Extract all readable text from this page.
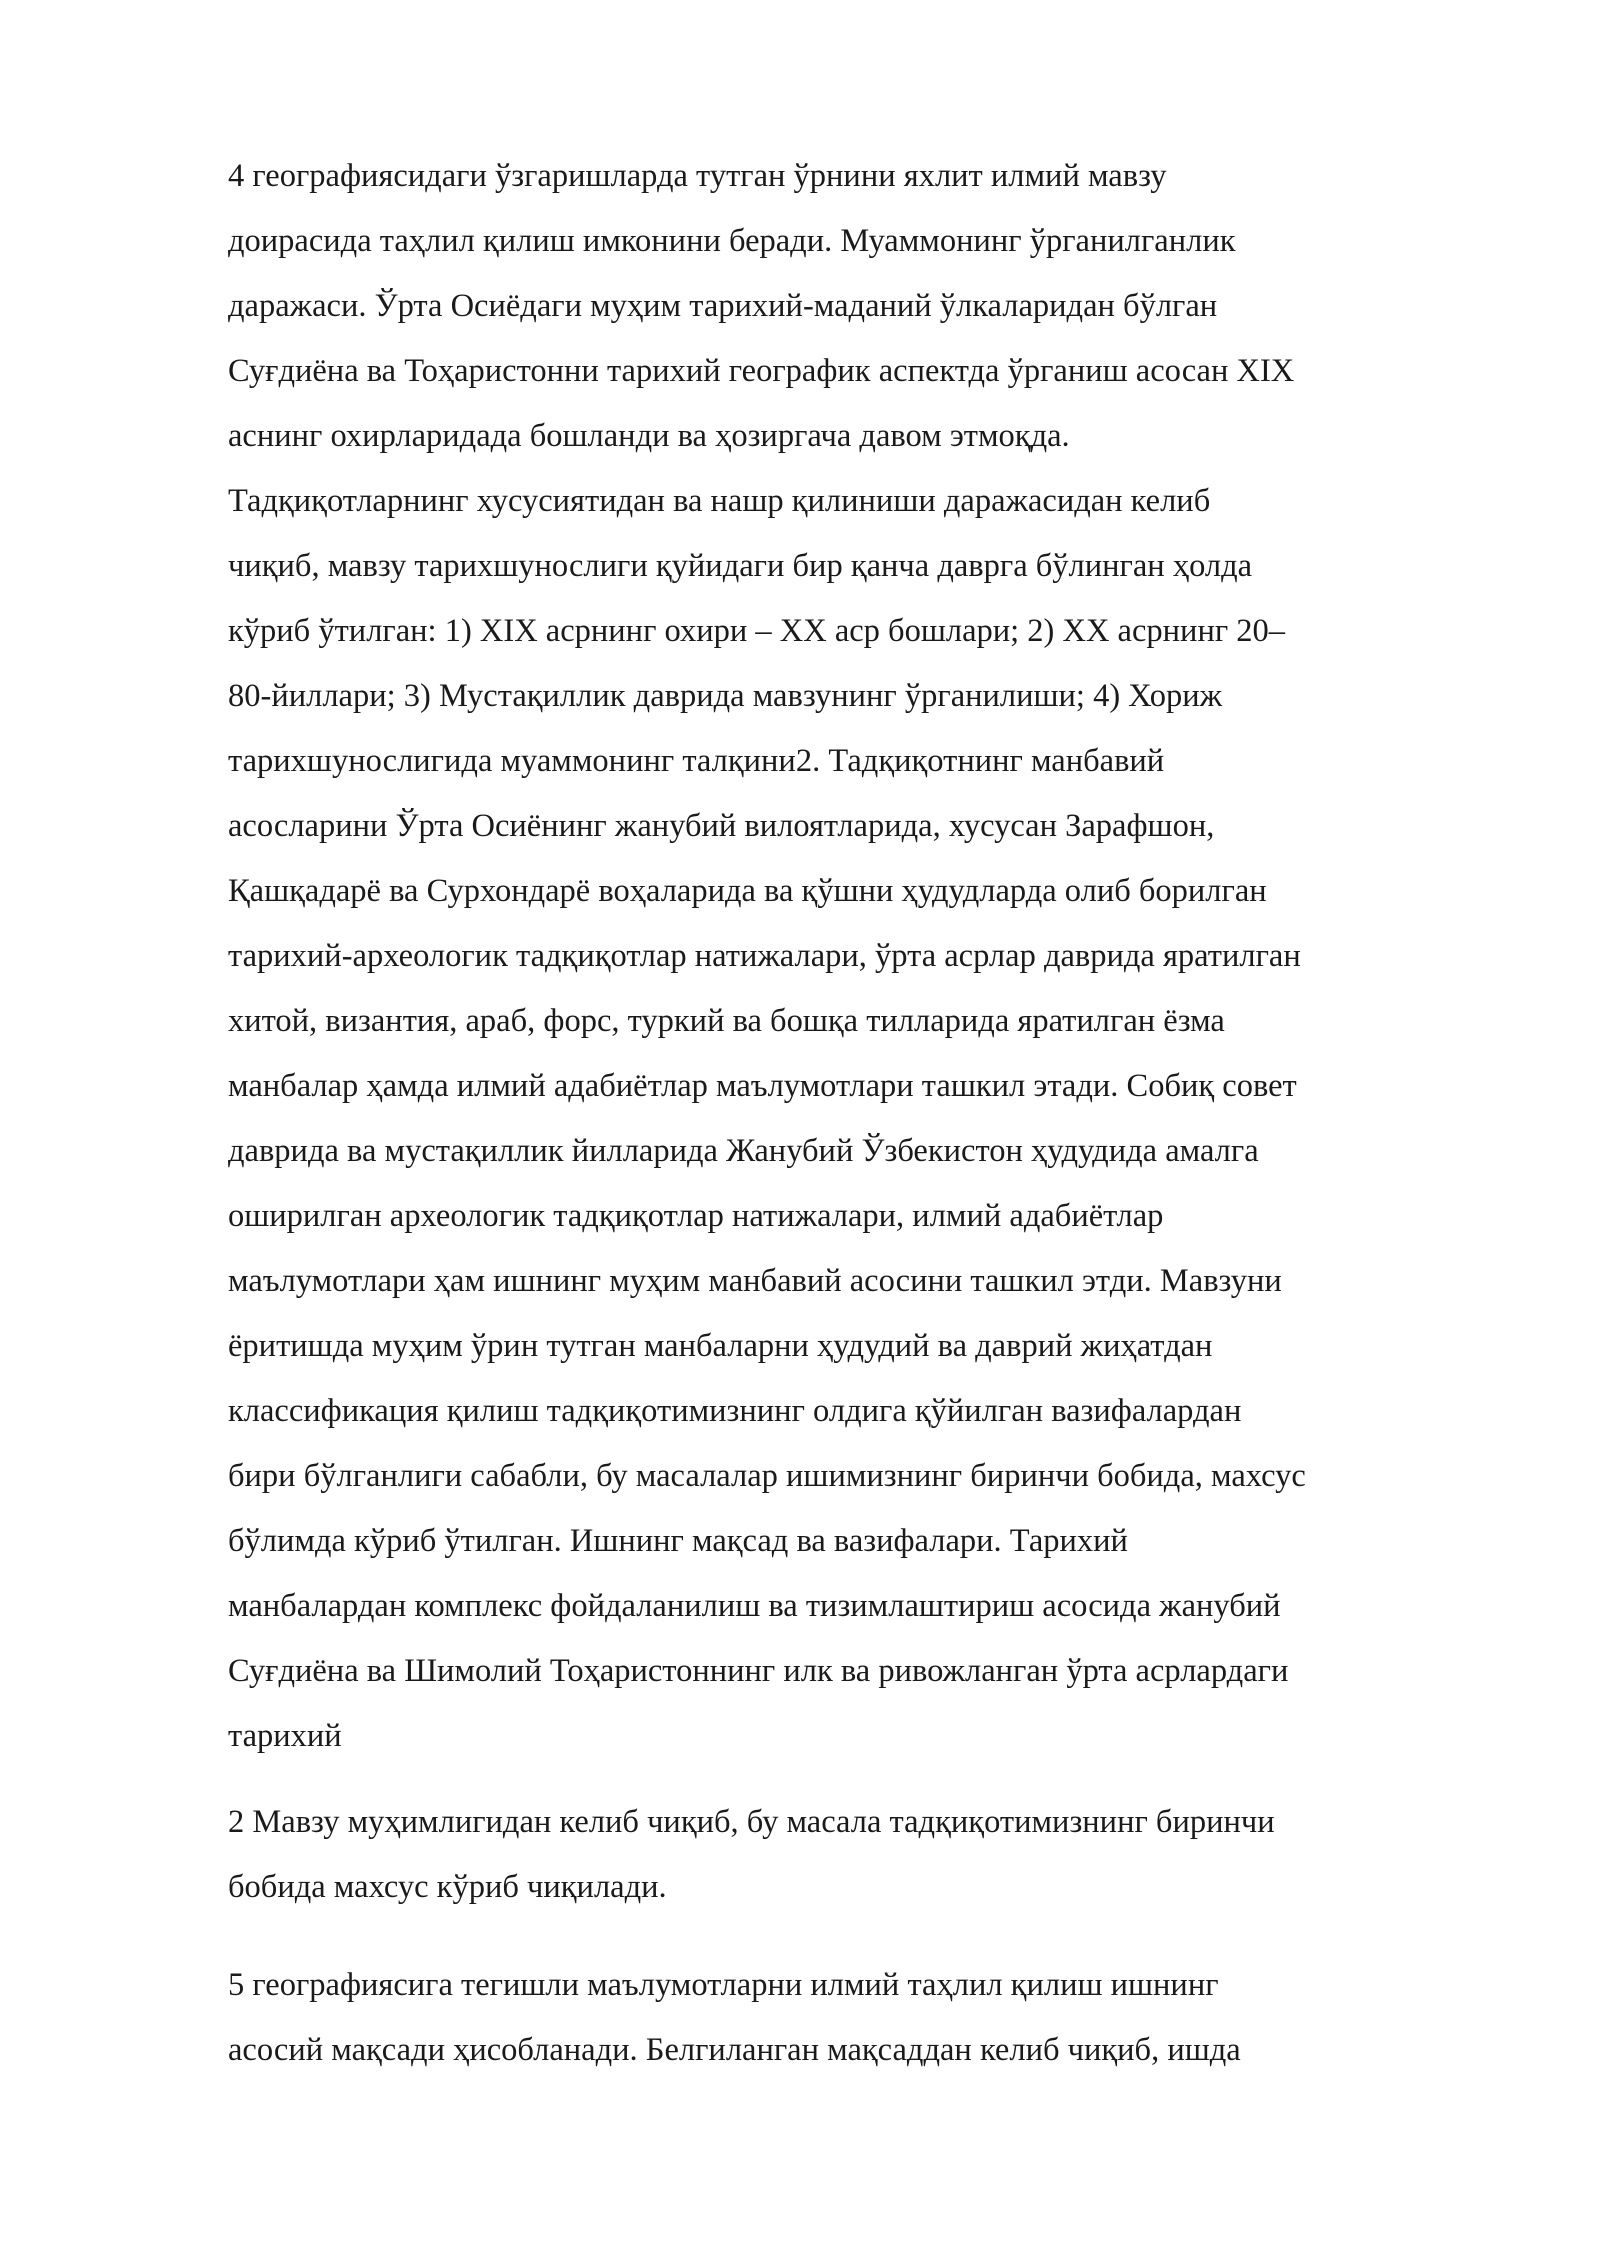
4 географиясидаги ўзгаришларда тутган ўрнини яхлит илмий мавзу
доирасида таҳлил қилиш имконини беради. Муаммонинг ўрганилганлик
даражаси. Ўрта Осиёдаги муҳим тарихий-маданий ўлкаларидан бўлган
Суғдиёна ва Тоҳаристонни тарихий географик аспектда ўрганиш асосан XIX
аснинг охирларидада бошланди ва ҳозиргача давом этмоқда.
Тадқиқотларнинг хусусиятидан ва нашр қилиниши даражасидан келиб
чиқиб, мавзу тарихшунослиги қуйидаги бир қанча даврга бўлинган ҳолда
кўриб ўтилган: 1) XIX асрнинг охири – XX аср бошлари; 2) XX асрнинг 20–
80-йиллари; 3) Мустақиллик даврида мавзунинг ўрганилиши; 4) Хориж
тарихшунослигида муаммонинг талқини2. Тадқиқотнинг манбавий
асосларини Ўрта Осиёнинг жанубий вилоятларида, хусусан Зарафшон,
Қашқадарё ва Сурхондарё воҳаларида ва қўшни ҳудудларда олиб борилган
тарихий-археологик тадқиқотлар натижалари, ўрта асрлар даврида яратилган
хитой, византия, араб, форс, туркий ва бошқа тилларида яратилган ёзма
манбалар ҳамда илмий адабиётлар маълумотлари ташкил этади. Собиқ совет
даврида ва мустақиллик йилларида Жанубий Ўзбекистон ҳудудида амалга
оширилган археологик тадқиқотлар натижалари, илмий адабиётлар
маълумотлари ҳам ишнинг муҳим манбавий асосини ташкил этди. Мавзуни
ёритишда муҳим ўрин тутган манбаларни ҳудудий ва даврий жиҳатдан
классификация қилиш тадқиқотимизнинг олдига қўйилган вазифалардан
бири бўлганлиги сабабли, бу масалалар ишимизнинг биринчи бобида, махсус
бўлимда кўриб ўтилган. Ишнинг мақсад ва вазифалари. Тарихий
манбалардан комплекс фойдаланилиш ва тизимлаштириш асосида жанубий
Суғдиёна ва Шимолий Тоҳаристоннинг илк ва ривожланган ўрта асрлардаги
тарихий
2 Мавзу муҳимлигидан келиб чиқиб, бу масала тадқиқотимизнинг биринчи
бобида махсус кўриб чиқилади.
5 географиясига тегишли маълумотларни илмий таҳлил қилиш ишнинг
асосий мақсади ҳисобланади. Белгиланган мақсаддан келиб чиқиб, ишда
